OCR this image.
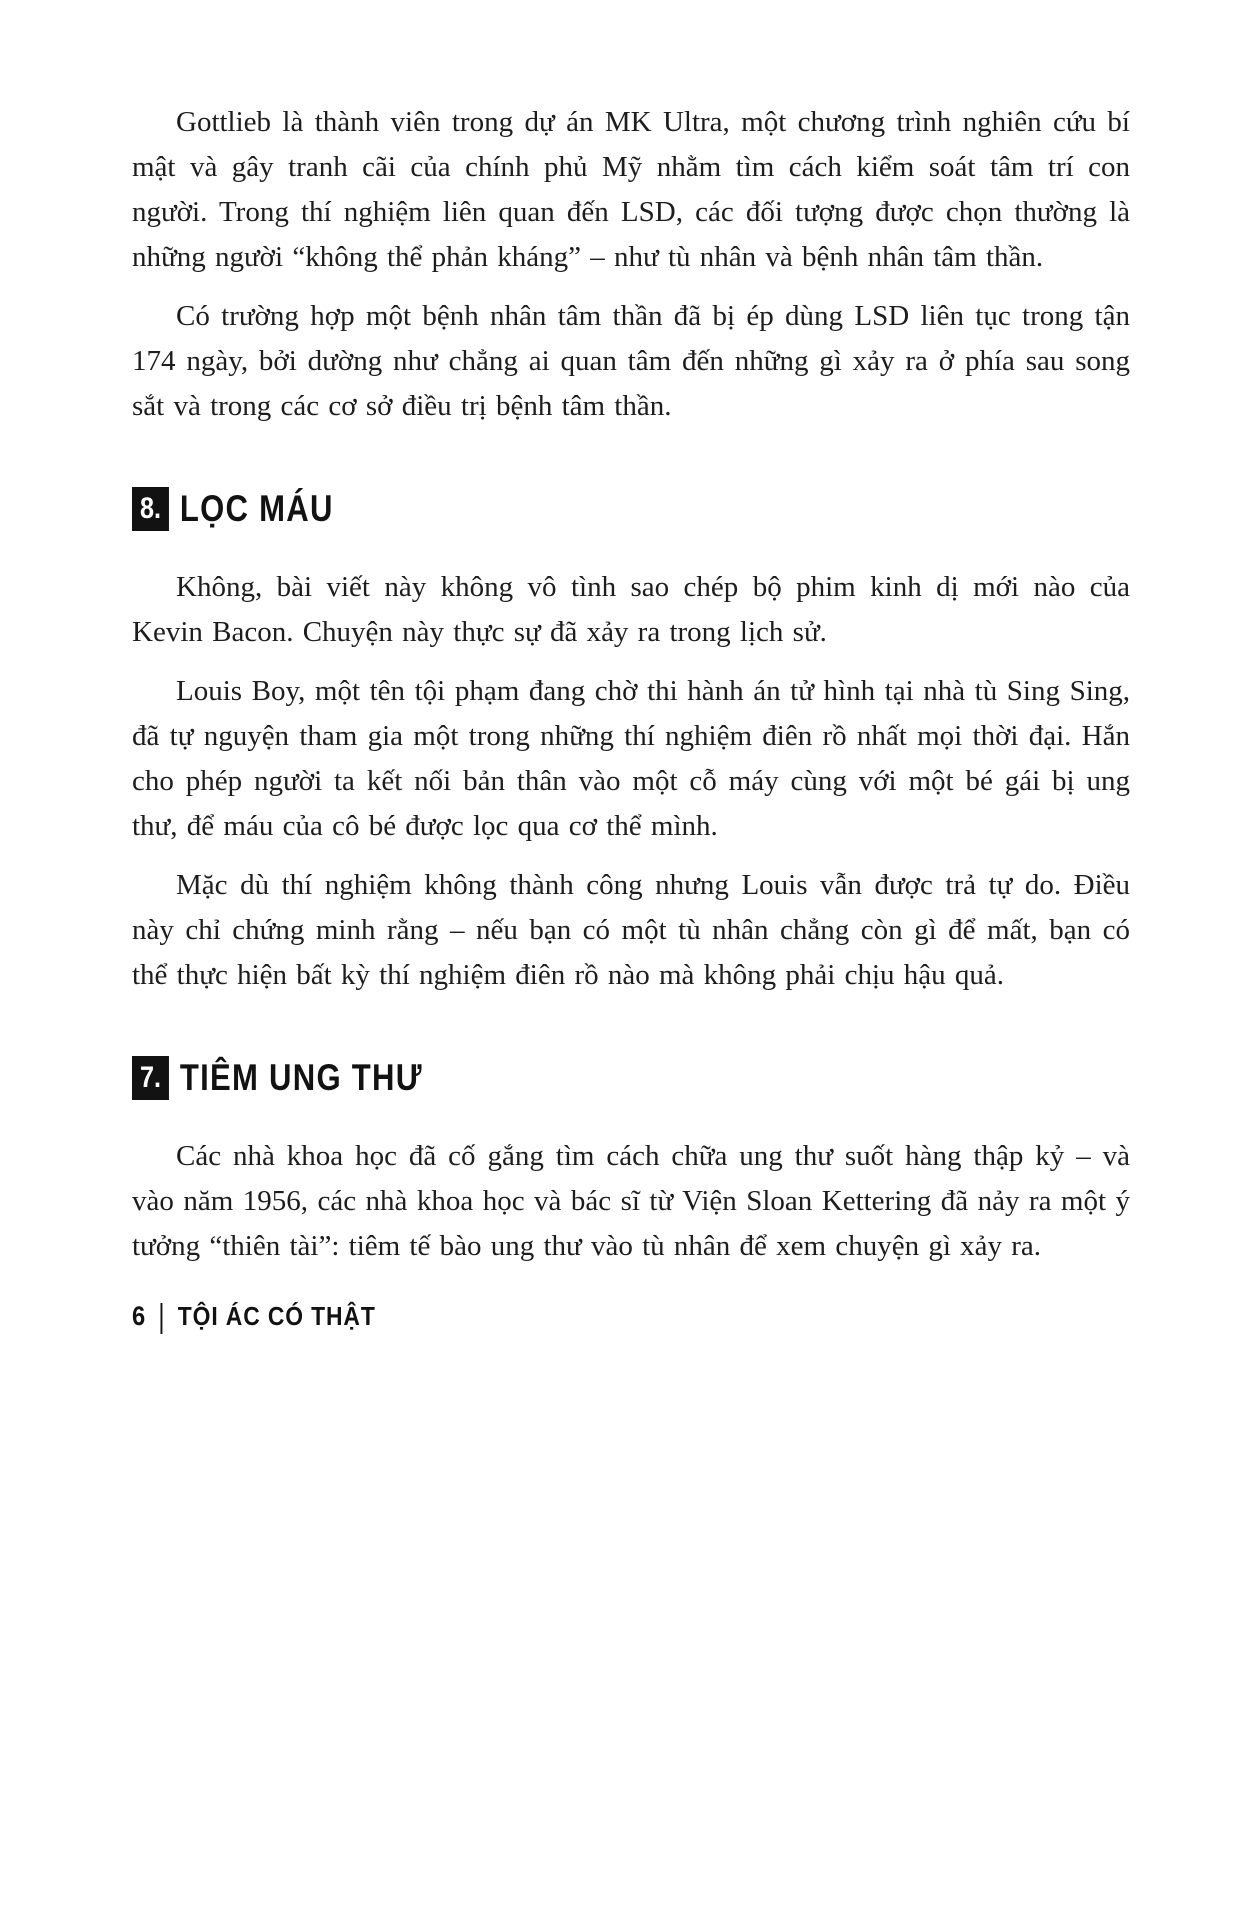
Gottlieb là thành viên trong dự án MK Ultra, một chương trình nghiên cứu bí mật và gây tranh cãi của chính phủ Mỹ nhằm tìm cách kiểm soát tâm trí con người. Trong thí nghiệm liên quan đến LSD, các đối tượng được chọn thường là những người “không thể phản kháng” – như tù nhân và bệnh nhân tâm thần.

Có trường hợp một bệnh nhân tâm thần đã bị ép dùng LSD liên tục trong tận 174 ngày, bởi dường như chẳng ai quan tâm đến những gì xảy ra ở phía sau song sắt và trong các cơ sở điều trị bệnh tâm thần.

8. LỌC MÁU

Không, bài viết này không vô tình sao chép bộ phim kinh dị mới nào của Kevin Bacon. Chuyện này thực sự đã xảy ra trong lịch sử.

Louis Boy, một tên tội phạm đang chờ thi hành án tử hình tại nhà tù Sing Sing, đã tự nguyện tham gia một trong những thí nghiệm điên rồ nhất mọi thời đại. Hắn cho phép người ta kết nối bản thân vào một cỗ máy cùng với một bé gái bị ung thư, để máu của cô bé được lọc qua cơ thể mình.

Mặc dù thí nghiệm không thành công nhưng Louis vẫn được trả tự do. Điều này chỉ chứng minh rằng – nếu bạn có một tù nhân chẳng còn gì để mất, bạn có thể thực hiện bất kỳ thí nghiệm điên rồ nào mà không phải chịu hậu quả.

7. TIÊM UNG THƯ

Các nhà khoa học đã cố gắng tìm cách chữa ung thư suốt hàng thập kỷ – và vào năm 1956, các nhà khoa học và bác sĩ từ Viện Sloan Kettering đã nảy ra một ý tưởng “thiên tài”: tiêm tế bào ung thư vào tù nhân để xem chuyện gì xảy ra.

6 | TỘI ÁC CÓ THẬT
